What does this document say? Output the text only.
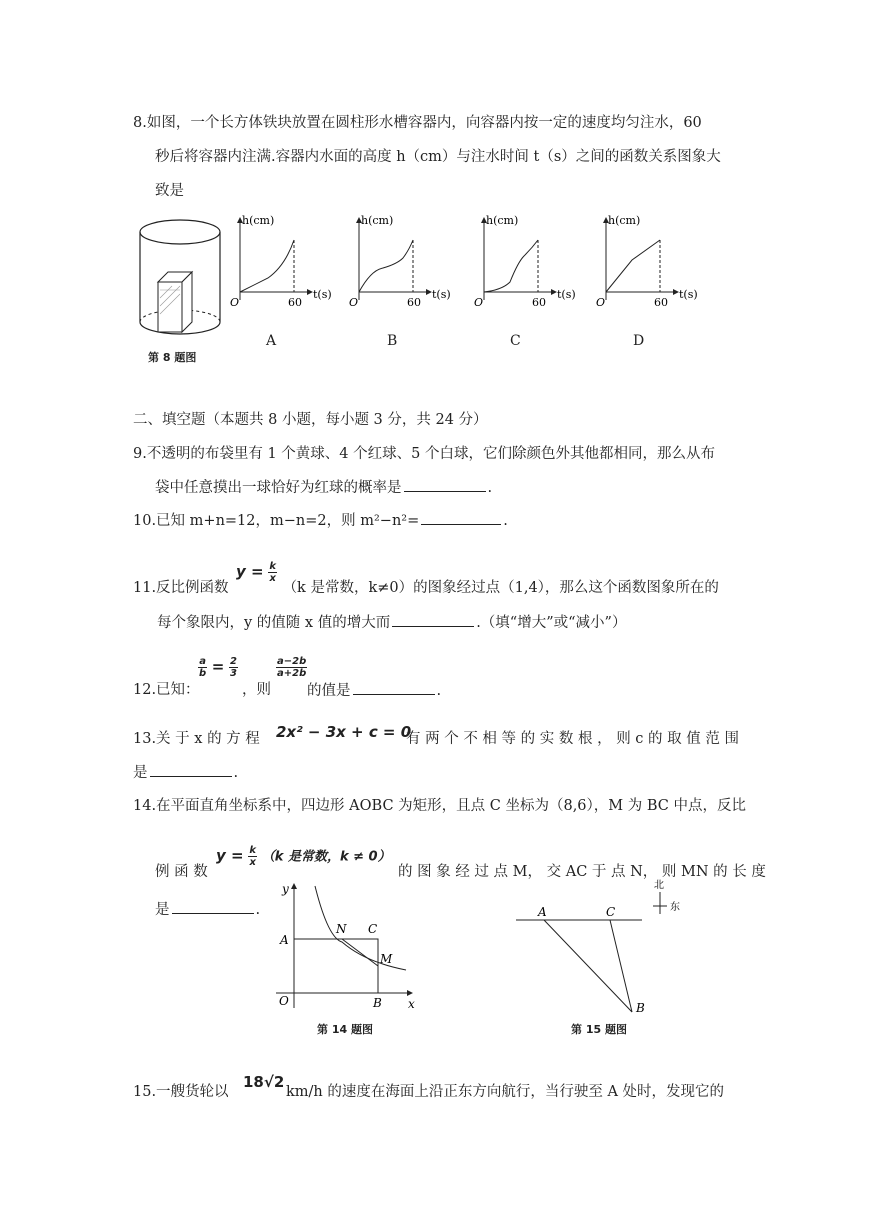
8.如图，一个长方体铁块放置在圆柱形水槽容器内，向容器内按一定的速度均匀注水，60
秒后将容器内注满.容器内水面的高度 h（cm）与注水时间 t（s）之间的函数关系图象大
致是
第 8 题图
h(cm)
t(s)
O	60
A
h(cm)
t(s)
O	60
B
h(cm)
t(s)
O	60
C
h(cm)
t(s)
O	60
D
二、填空题（本题共 8 小题，每小题 3 分，共 24 分）
9.不透明的布袋里有 1 个黄球、4 个红球、5 个白球，它们除颜色外其他都相同，那么从布
袋中任意摸出一球恰好为红球的概率是	.
10.已知 m+n=12，m−n=2，则 m²−n²=	.
$y = \frac{k}{x}$
11.反比例函数	（k 是常数，k≠0）的图象经过点（1,4），那么这个函数图象所在的
每个象限内，y 的值随 x 值的增大而	.（填“增大”或“减小”）
12.已知：
$\frac{a}{b} = \frac{2}{3}$
，则
$\frac{a-2b}{a+2b}$
的值是	.
13.关 于 x 的 方 程 2x² − 3x + c = 0
有 两 个 不 相 等 的 实 数 根 ， 则 c 的 取 值 范 围
是	.
14.在平面直角坐标系中，四边形 AOBC 为矩形，且点 C 坐标为（8,6），M 为 BC 中点，反比
$y = \frac{k}{x} (k$ 是常数，k ≠ 0）
例 函 数	的 图 象 经 过 点 M， 交 AC 于 点 N， 则 MN 的 长 度
是	.
y
x
O
A
B
C
N
M
第 14 题图
A	C
B
北
东
第 15 题图
15.一艘货轮以
18√2
km/h 的速度在海面上沿正东方向航行，当行驶至 A 处时，发现它的
